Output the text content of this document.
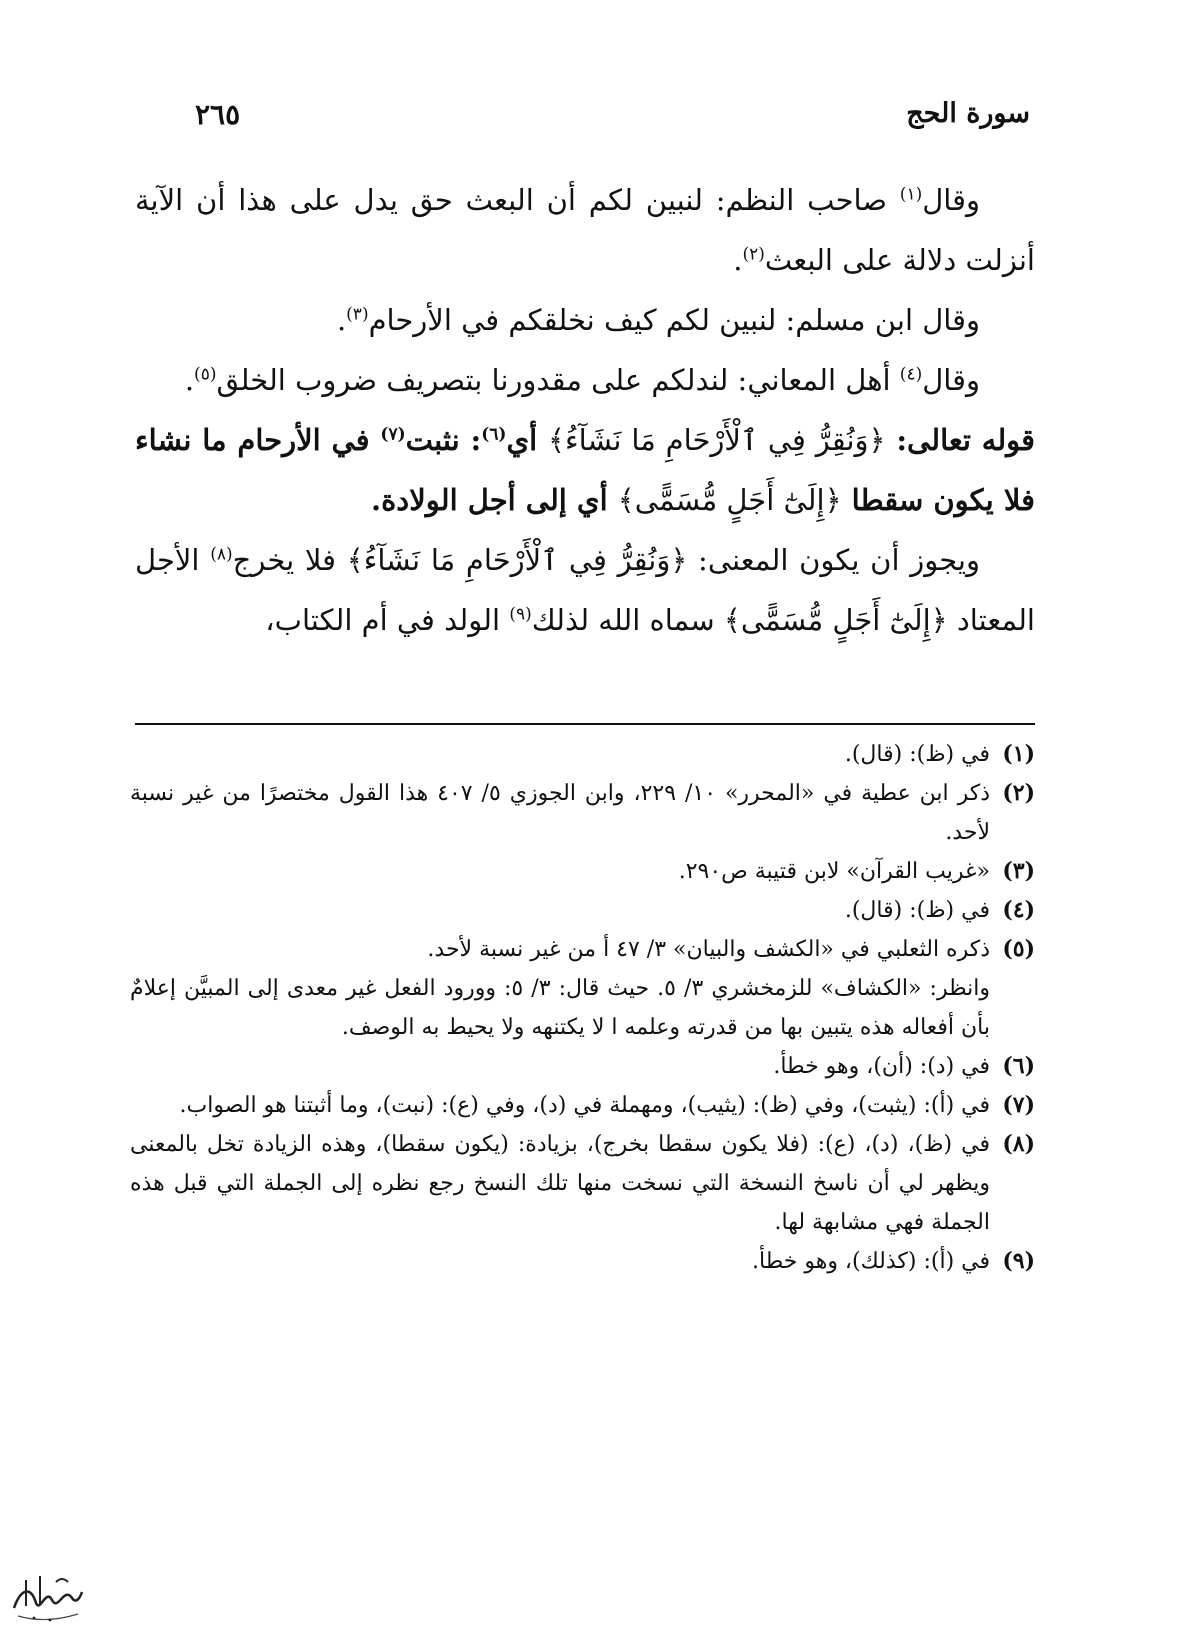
سورة الحج
٢٦٥

وقال$^{(١)}$ صاحب النظم: لنبين لكم أن البعث حق يدل على هذا أن الآية أنزلت دلالة على البعث$^{(٢)}$.

وقال ابن مسلم: لنبين لكم كيف نخلقكم في الأرحام$^{(٣)}$.

وقال$^{(٤)}$ أهل المعاني: لندلكم على مقدورنا بتصريف ضروب الخلق$^{(٥)}$.

قوله تعالى: ﴿وَنُقِرُّ فِي ٱلْأَرْحَامِ مَا نَشَآءُ﴾ أي$^{(٦)}$: نثبت$^{(٧)}$ في الأرحام ما نشاء فلا يكون سقطا ﴿إِلَىٰٓ أَجَلٍ مُّسَمًّى﴾ أي إلى أجل الولادة.

ويجوز أن يكون المعنى: ﴿وَنُقِرُّ فِي ٱلْأَرْحَامِ مَا نَشَآءُ﴾ فلا يخرج$^{(٨)}$ الأجل المعتاد ﴿إِلَىٰٓ أَجَلٍ مُّسَمًّى﴾ سماه الله لذلك$^{(٩)}$ الولد في أم الكتاب،

(١)
في (ظ): (قال).
(٢)
ذكر ابن عطية في «المحرر» ١٠/ ٢٢٩، وابن الجوزي ٥/ ٤٠٧ هذا القول مختصرًا من غير نسبة لأحد.
(٣)
«غريب القرآن» لابن قتيبة ص٢٩٠.
(٤)
في (ظ): (قال).
(٥)
ذكره الثعلبي في «الكشف والبيان» ٣/ ٤٧ أ من غير نسبة لأحد.
وانظر: «الكشاف» للزمخشري ٣/ ٥. حيث قال: ٣/ ٥: وورود الفعل غير معدى إلى المبيَّن إعلامٌ بأن أفعاله هذه يتبين بها من قدرته وعلمه ا لا يكتنهه ولا يحيط به الوصف.
(٦)
في (د): (أن)، وهو خطأ.
(٧)
في (أ): (يثبت)، وفي (ظ): (يثيب)، ومهملة في (د)، وفي (ع): (نبت)، وما أثبتنا هو الصواب.
(٨)
في (ظ)، (د)، (ع): (فلا يكون سقطا بخرج)، بزيادة: (يكون سقطا)، وهذه الزيادة تخل بالمعنى ويظهر لي أن ناسخ النسخة التي نسخت منها تلك النسخ رجع نظره إلى الجملة التي قبل هذه الجملة فهي مشابهة لها.
(٩)
في (أ): (كذلك)، وهو خطأ.
